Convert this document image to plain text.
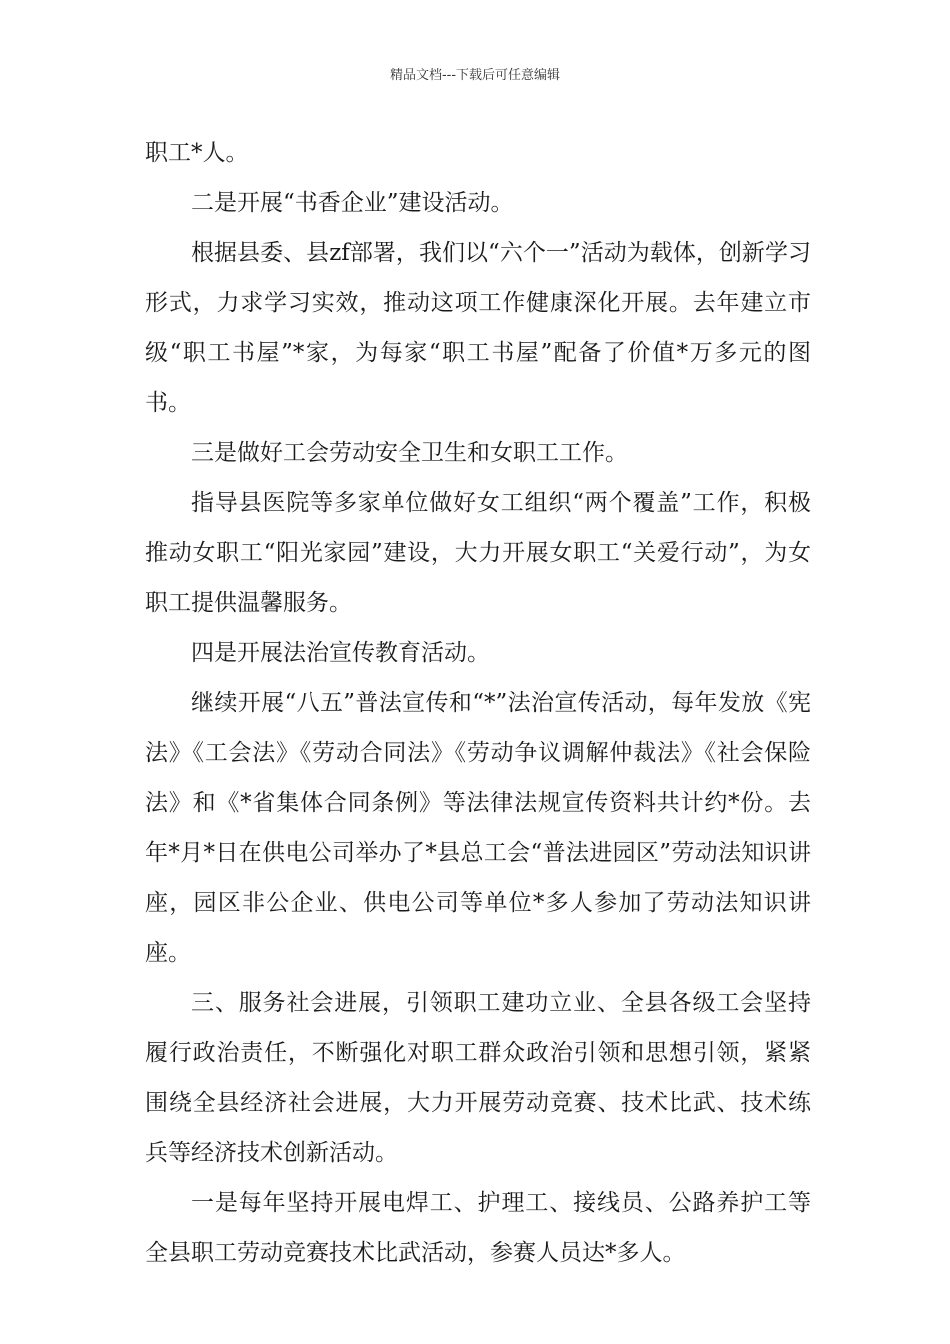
精品文档---下载后可任意编辑

职工*人。

二是开展“书香企业”建设活动。

根据县委、县zf部署，我们以“六个一”活动为载体，创新学习形式，力求学习实效，推动这项工作健康深化开展。去年建立市级“职工书屋”*家，为每家“职工书屋”配备了价值*万多元的图书。

三是做好工会劳动安全卫生和女职工工作。

指导县医院等多家单位做好女工组织“两个覆盖”工作，积极推动女职工“阳光家园”建设，大力开展女职工“关爱行动”，为女职工提供温馨服务。

四是开展法治宣传教育活动。

继续开展“八五”普法宣传和“*”法治宣传活动，每年发放《宪法》《工会法》《劳动合同法》《劳动争议调解仲裁法》《社会保险法》和《*省集体合同条例》等法律法规宣传资料共计约*份。去年*月*日在供电公司举办了*县总工会“普法进园区”劳动法知识讲座，园区非公企业、供电公司等单位*多人参加了劳动法知识讲座。

三、服务社会进展，引领职工建功立业、全县各级工会坚持履行政治责任，不断强化对职工群众政治引领和思想引领，紧紧围绕全县经济社会进展，大力开展劳动竞赛、技术比武、技术练兵等经济技术创新活动。

一是每年坚持开展电焊工、护理工、接线员、公路养护工等全县职工劳动竞赛技术比武活动，参赛人员达*多人。
